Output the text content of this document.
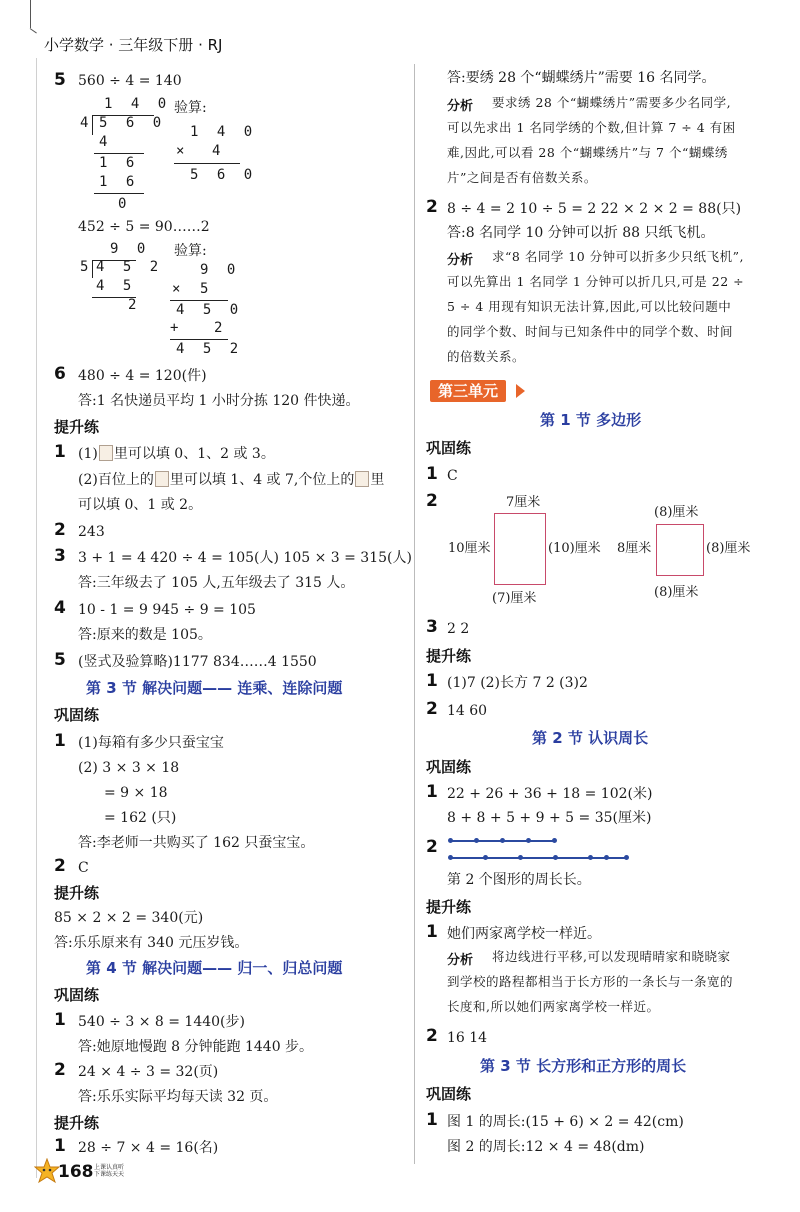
小学数学 · 三年级下册 · RJ
5 560 ÷ 4 = 140
1 4 0
4 5 6 0
4
1 6
1 6
0
验算:
1 4 0
× 4
5 6 0
452 ÷ 5 = 90……2
9 0
5 4 5 2
4 5
2
验算:
9 0
× 5
4 5 0
+ 2
4 5 2
6 480 ÷ 4 = 120(件)
答:1 名快递员平均 1 小时分拣 120 件快递。
提升练
1 (1) 里可以填 0、1、2 或 3。
(2)百位上的 里可以填 1、4 或 7,个位上的 里
可以填 0、1 或 2。
2 243
3 3 + 1 = 4 420 ÷ 4 = 105(人) 105 × 3 = 315(人)
答:三年级去了 105 人,五年级去了 315 人。
4 10 - 1 = 9 945 ÷ 9 = 105
答:原来的数是 105。
5 (竖式及验算略)1177 834……4 1550
第 3 节 解决问题—— 连乘、连除问题
巩固练
1 (1)每箱有多少只蚕宝宝
(2) 3 × 3 × 18
= 9 × 18
= 162 (只)
答:李老师一共购买了 162 只蚕宝宝。
2 C
提升练
85 × 2 × 2 = 340(元)
答:乐乐原来有 340 元压岁钱。
第 4 节 解决问题—— 归一、归总问题
巩固练
1 540 ÷ 3 × 8 = 1440(步)
答:她原地慢跑 8 分钟能跑 1440 步。
2 24 × 4 ÷ 3 = 32(页)
答:乐乐实际平均每天读 32 页。
提升练
1 28 ÷ 7 × 4 = 16(名)
168 上课认真听
下课练天天
答:要绣 28 个“蝴蝶绣片”需要 16 名同学。
分析 要求绣 28 个“蝴蝶绣片”需要多少名同学,
可以先求出 1 名同学绣的个数,但计算 7 ÷ 4 有困
难,因此,可以看 28 个“蝴蝶绣片”与 7 个“蝴蝶绣
片”之间是否有倍数关系。
2 8 ÷ 4 = 2 10 ÷ 5 = 2 22 × 2 × 2 = 88(只)
答:8 名同学 10 分钟可以折 88 只纸飞机。
分析 求“8 名同学 10 分钟可以折多少只纸飞机”,
可以先算出 1 名同学 1 分钟可以折几只,可是 22 ÷
5 ÷ 4 用现有知识无法计算,因此,可以比较问题中
的同学个数、时间与已知条件中的同学个数、时间
的倍数关系。
第三单元
第 1 节 多边形
巩固练
1 C
2	7厘米
10厘米	(10)厘米
(7)厘米
(8)厘米
8厘米	(8)厘米
(8)厘米
3 2 2
提升练
1 (1)7 (2)长方 7 2 (3)2
2 14 60
第 2 节 认识周长
巩固练
1 22 + 26 + 36 + 18 = 102(米)
8 + 8 + 5 + 9 + 5 = 35(厘米)
2
第 2 个图形的周长长。
提升练
1 她们两家离学校一样近。
分析 将边线进行平移,可以发现晴晴家和晓晓家
到学校的路程都相当于长方形的一条长与一条宽的
长度和,所以她们两家离学校一样近。
2 16 14
第 3 节 长方形和正方形的周长
巩固练
1 图 1 的周长:(15 + 6) × 2 = 42(cm)
图 2 的周长:12 × 4 = 48(dm)
